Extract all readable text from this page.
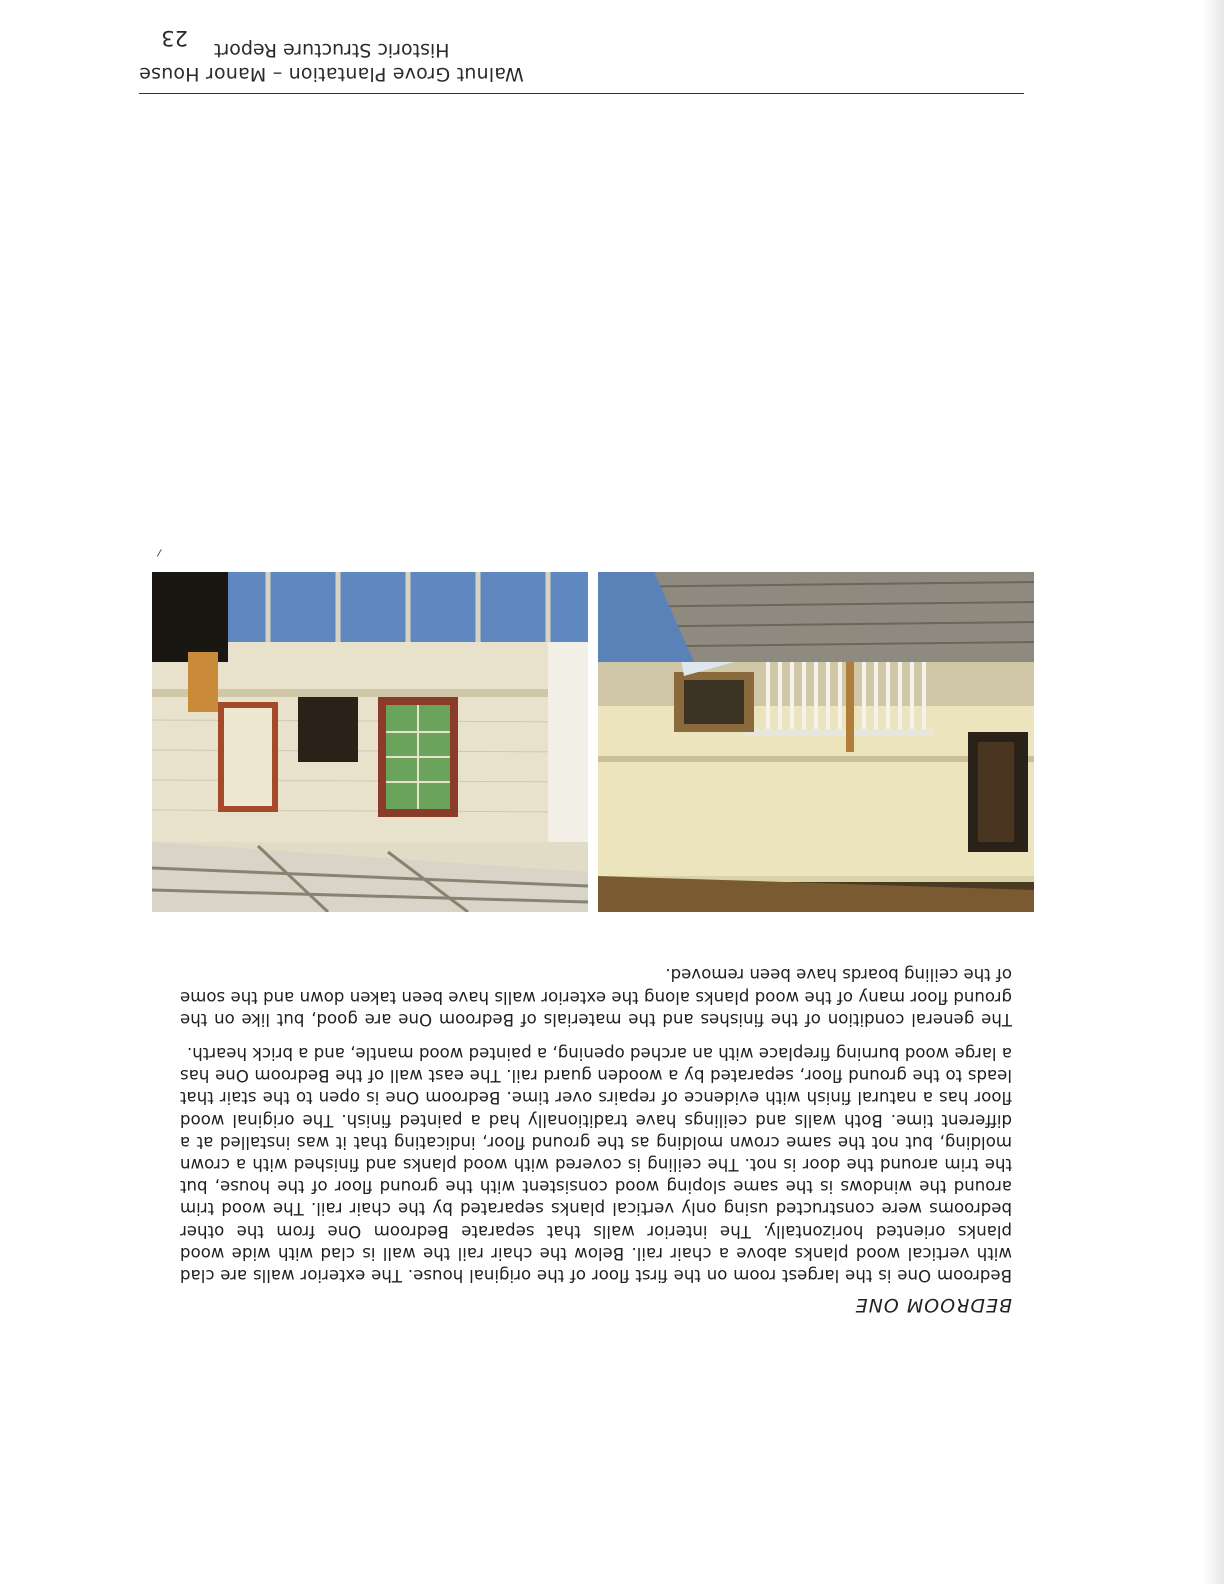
Walnut Grove Plantation – Manor House
Historic Structure Report
23
BEDROOM ONE

Bedroom One is the largest room on the first floor of the original house. The exterior walls are clad with vertical wood planks above a chair rail. Below the chair rail the wall is clad with wide wood planks oriented horizontally. The interior walls that separate Bedroom One from the other bedrooms were constructed using only vertical planks separated by the chair rail. The wood trim around the windows is the same sloping wood consistent with the ground floor of the house, but the trim around the door is not. The ceiling is covered with wood planks and finished with a crown molding, but not the same crown molding as the ground floor, indicating that it was installed at a different time. Both walls and ceilings have traditionally had a painted finish. The original wood floor has a natural finish with evidence of repairs over time. Bedroom One is open to the stair that leads to the ground floor, separated by a wooden guard rail. The east wall of the Bedroom One has a large wood burning fireplace with an arched opening, a painted wood mantle, and a brick hearth.

The general condition of the finishes and the materials of Bedroom One are good, but like on the ground floor many of the wood planks along the exterior walls have been taken down and the some of the ceiling boards have been removed.
